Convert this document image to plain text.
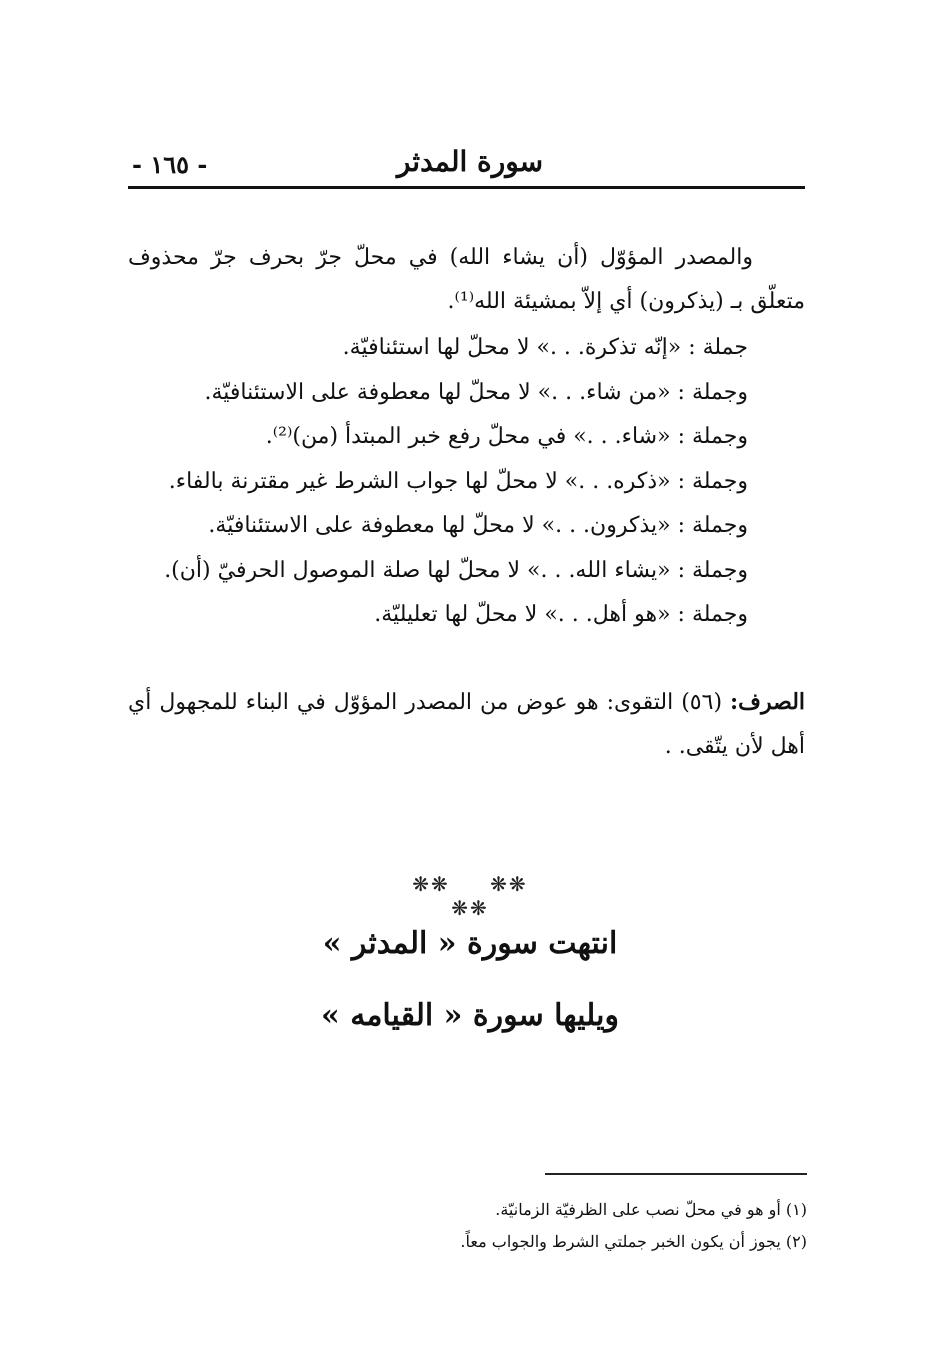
سورة المدثر
- ١٦٥ -

والمصدر المؤوّل (أن يشاء الله) في محلّ جرّ بحرف جرّ محذوف متعلّق بـ (يذكرون) أي إلاّ بمشيئة الله⁽¹⁾.

جملة : «إنّه تذكرة. . .» لا محلّ لها استئنافيّة.
وجملة : «من شاء. . .» لا محلّ لها معطوفة على الاستئنافيّة.
وجملة : «شاء. . .» في محلّ رفع خبر المبتدأ (من)⁽²⁾.
وجملة : «ذكره. . .» لا محلّ لها جواب الشرط غير مقترنة بالفاء.
وجملة : «يذكرون. . .» لا محلّ لها معطوفة على الاستئنافيّة.
وجملة : «يشاء الله. . .» لا محلّ لها صلة الموصول الحرفيّ (أن).
وجملة : «هو أهل. . .» لا محلّ لها تعليليّة.

الصرف: (٥٦) التقوى: هو عوض من المصدر المؤوّل في البناء للمجهول أي أهل لأن يتّقى. .

❋❋ ❋❋ ❋❋
انتهت سورة « المدثر »
ويليها سورة « القيامه »
(١) أو هو في محلّ نصب على الظرفيّة الزمانيّة.
(٢) يجوز أن يكون الخبر جملتي الشرط والجواب معاً.
